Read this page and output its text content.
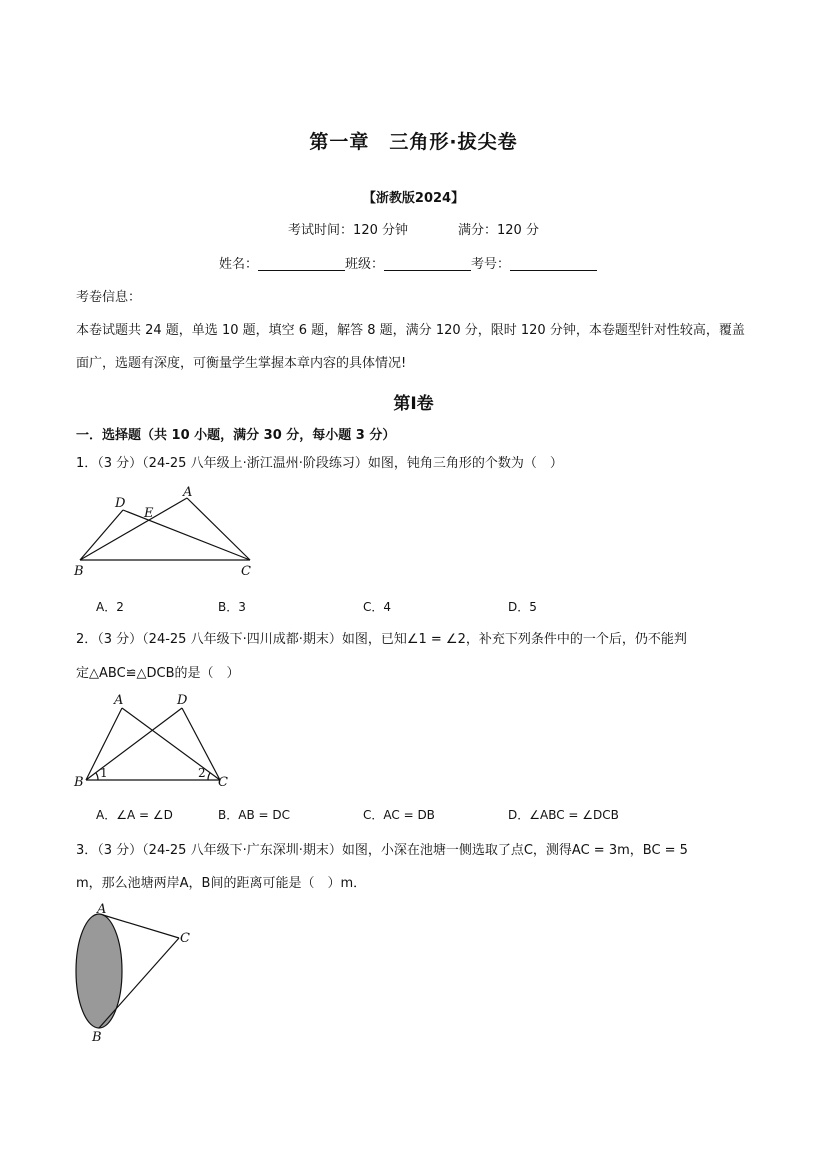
第一章　三角形·拔尖卷
【浙教版2024】
考试时间：120 分钟	满分：120 分
姓名：	班级：	考号：
考卷信息：
本卷试题共 24 题，单选 10 题，填空 6 题，解答 8 题，满分 120 分，限时 120 分钟，本卷题型针对性较高，覆盖
面广，选题有深度，可衡量学生掌握本章内容的具体情况!
第Ⅰ卷
一．选择题（共 10 小题，满分 30 分，每小题 3 分）
1．（3 分）（24-25 八年级上·浙江温州·阶段练习）如图，钝角三角形的个数为（　）
D
E
A
B	C
A．2	B．3	C．4	D．5
2．（3 分）（24-25 八年级下·四川成都·期末）如图，已知∠1 = ∠2，补充下列条件中的一个后，仍不能判
定△ABC≌△DCB的是（　）
A	D
B	C
1	2
A．∠A = ∠D	B．AB = DC	C．AC = DB	D．∠ABC = ∠DCB
3．（3 分）（24-25 八年级下·广东深圳·期末）如图，小深在池塘一侧选取了点C，测得AC = 3m，BC = 5
m，那么池塘两岸A，B间的距离可能是（　）m．
A
C
B
